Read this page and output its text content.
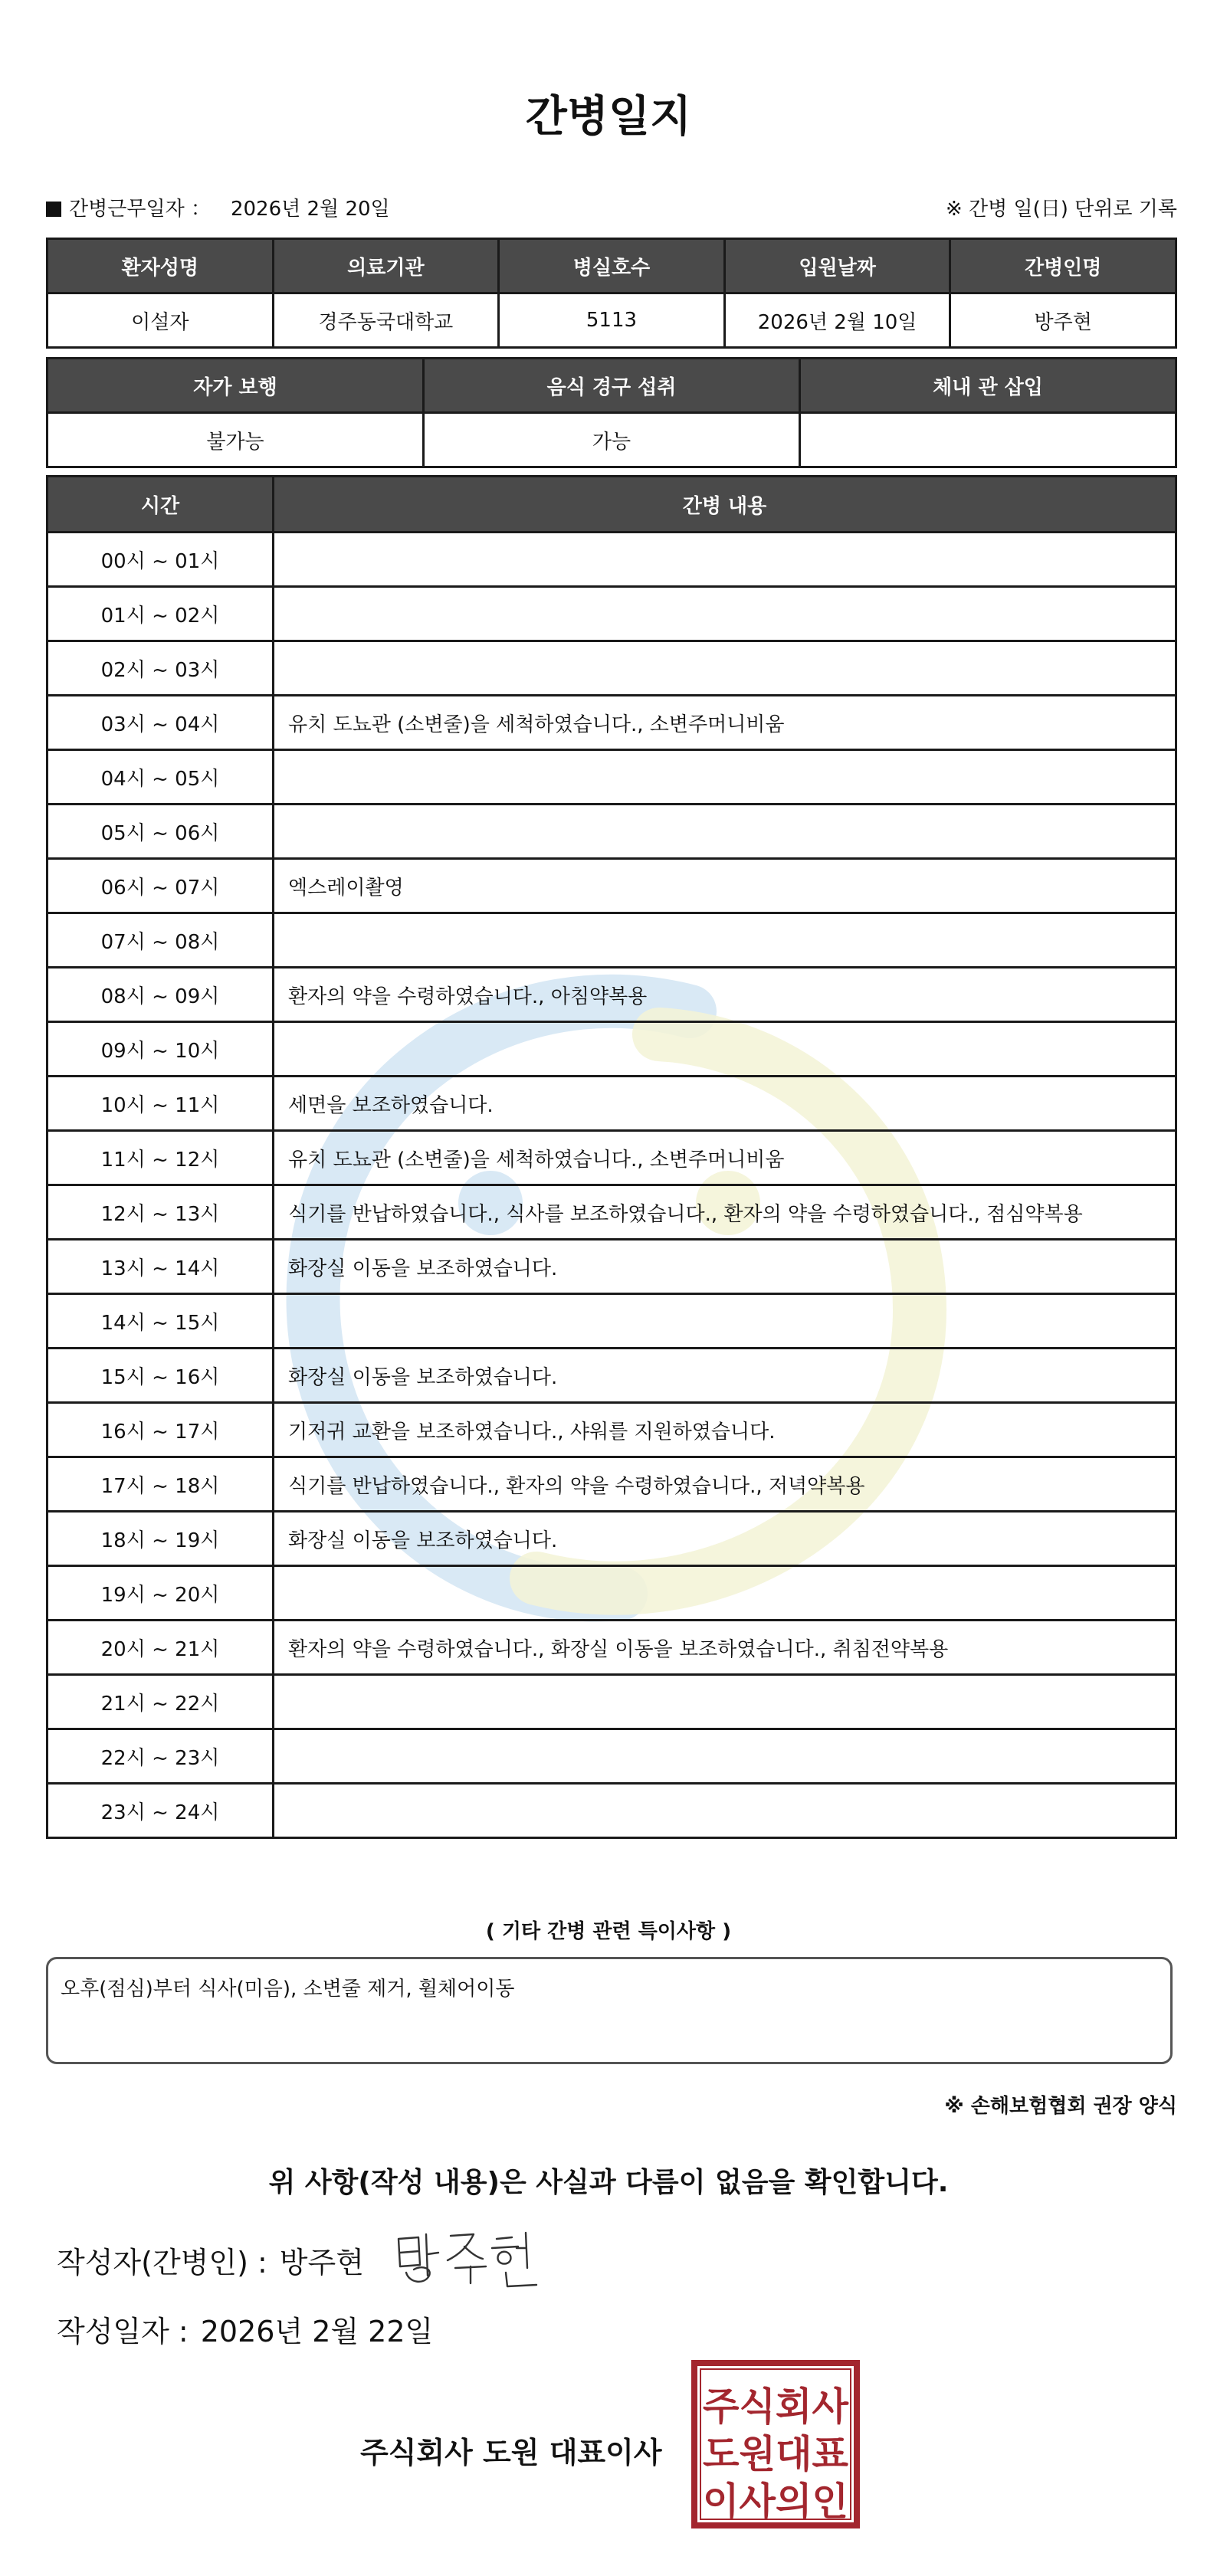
간병일지
간병근무일자 ： 2026년 2월 20일	※ 간병 일(日) 단위로 기록
환자성명	의료기관	병실호수	입원날짜	간병인명
이설자	경주동국대학교	5113	2026년 2월 10일	방주현
자가 보행	음식 경구 섭취	체내 관 삽입
불가능	가능	
시간	간병 내용
00시 ~ 01시	
01시 ~ 02시	
02시 ~ 03시	
03시 ~ 04시	유치 도뇨관 (소변줄)을 세척하였습니다., 소변주머니비움
04시 ~ 05시	
05시 ~ 06시	
06시 ~ 07시	엑스레이촬영
07시 ~ 08시	
08시 ~ 09시	환자의 약을 수령하였습니다., 아침약복용
09시 ~ 10시	
10시 ~ 11시	세면을 보조하였습니다.
11시 ~ 12시	유치 도뇨관 (소변줄)을 세척하였습니다., 소변주머니비움
12시 ~ 13시	식기를 반납하였습니다., 식사를 보조하였습니다., 환자의 약을 수령하였습니다., 점심약복용
13시 ~ 14시	화장실 이동을 보조하였습니다.
14시 ~ 15시	
15시 ~ 16시	화장실 이동을 보조하였습니다.
16시 ~ 17시	기저귀 교환을 보조하였습니다., 샤워를 지원하였습니다.
17시 ~ 18시	식기를 반납하였습니다., 환자의 약을 수령하였습니다., 저녁약복용
18시 ~ 19시	화장실 이동을 보조하였습니다.
19시 ~ 20시	
20시 ~ 21시	환자의 약을 수령하였습니다., 화장실 이동을 보조하였습니다., 취침전약복용
21시 ~ 22시	
22시 ~ 23시	
23시 ~ 24시	
( 기타 간병 관련 특이사항 )
오후(점심)부터 식사(미음), 소변줄 제거, 휠체어이동
※ 손해보험협회 권장 양식
위 사항(작성 내용)은 사실과 다름이 없음을 확인합니다.
작성자(간병인) : 방주현
작성일자 : 2026년 2월 22일
주식회사 도원 대표이사
주식회사
도원대표
이사의인
